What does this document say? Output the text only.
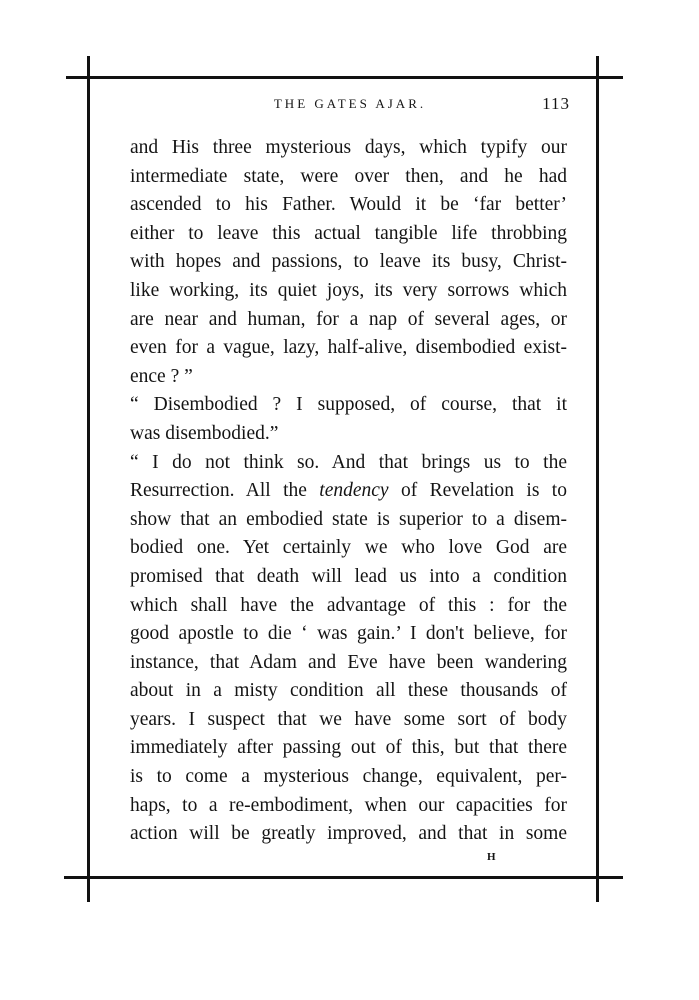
THE GATES AJAR.	113
and His three mysterious days, which typify our
intermediate state, were over then, and he had
ascended to his Father. Would it be ‘far better’
either to leave this actual tangible life throbbing
with hopes and passions, to leave its busy, Christ-
like working, its quiet joys, its very sorrows which
are near and human, for a nap of several ages, or
even for a vague, lazy, half-alive, disembodied exist-
ence ? ”
“ Disembodied ? I supposed, of course, that it
was disembodied.”
“ I do not think so. And that brings us to the
Resurrection. All the tendency of Revelation is to
show that an embodied state is superior to a disem-
bodied one. Yet certainly we who love God are
promised that death will lead us into a condition
which shall have the advantage of this : for the
good apostle to die ‘ was gain.’ I don't believe, for
instance, that Adam and Eve have been wandering
about in a misty condition all these thousands of
years. I suspect that we have some sort of body
immediately after passing out of this, but that there
is to come a mysterious change, equivalent, per-
haps, to a re-embodiment, when our capacities for
action will be greatly improved, and that in some
H
